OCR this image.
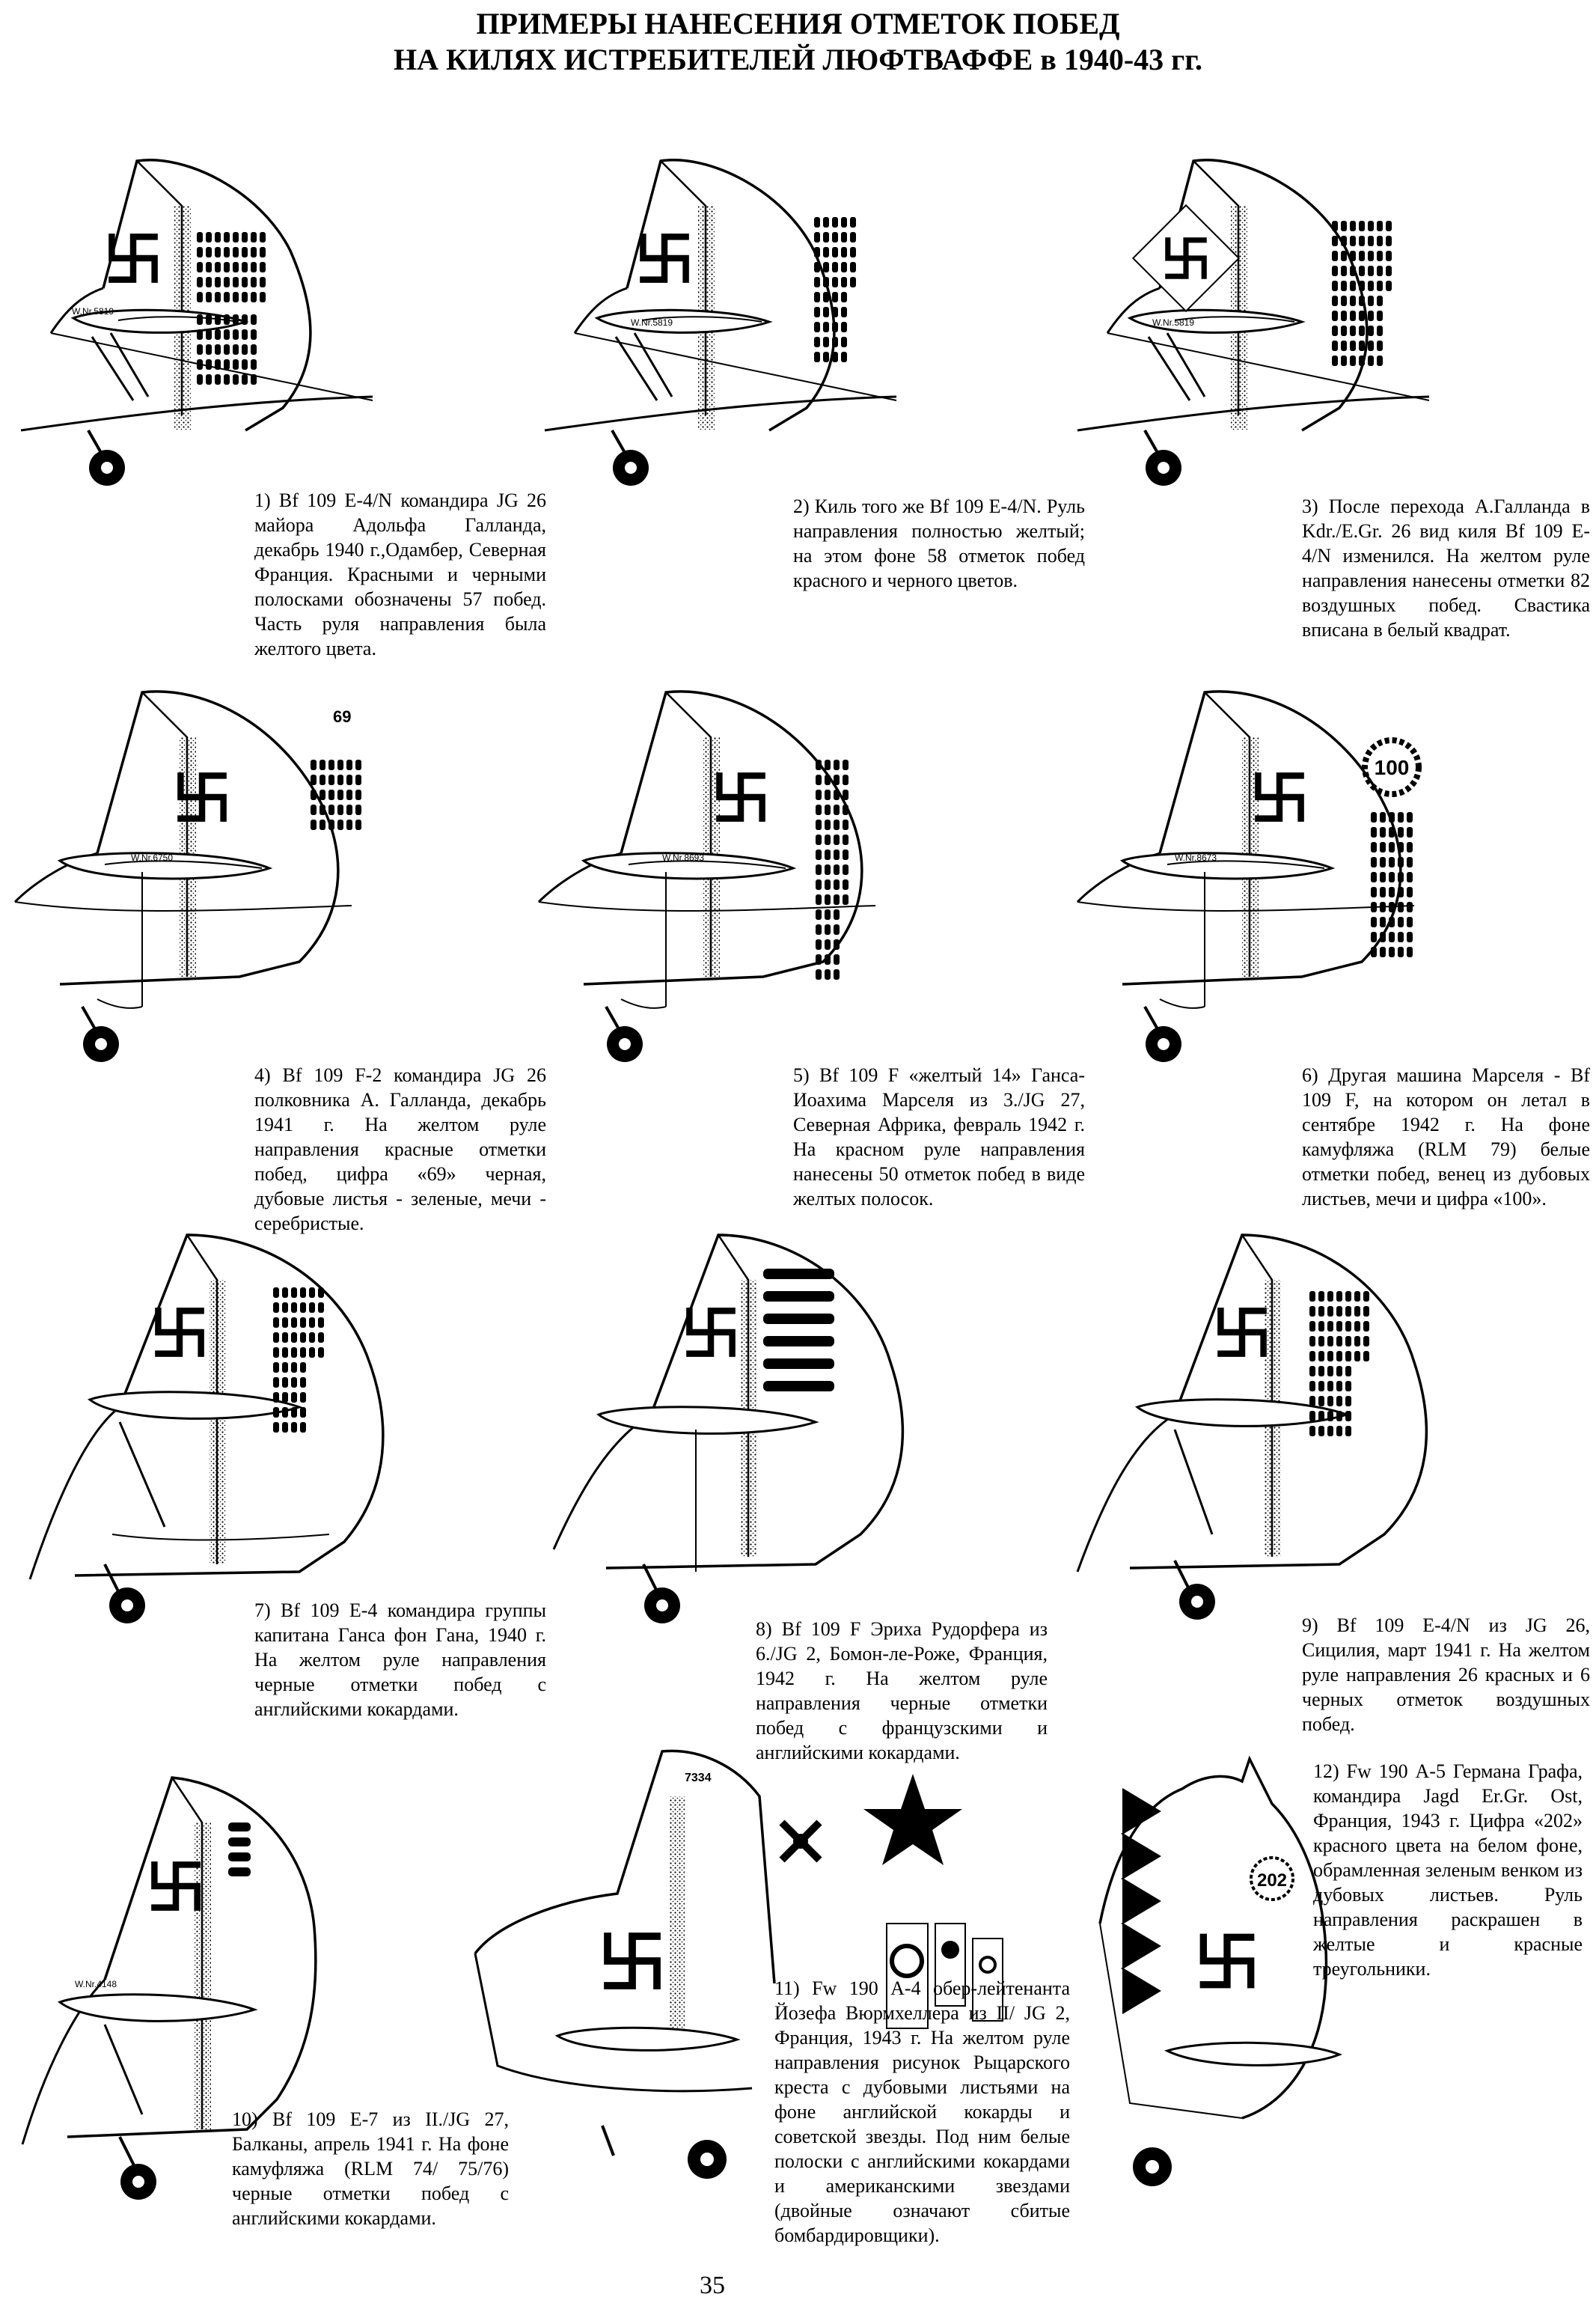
ПРИМЕРЫ НАНЕСЕНИЯ ОТМЕТОК ПОБЕД
НА КИЛЯХ ИСТРЕБИТЕЛЕЙ ЛЮФТВАФФЕ в 1940-43 гг.
W.Nr.5819
1) Bf 109 E-4/N командира JG 26 майора Адольфа Галланда, декабрь 1940 г.,Одамбер, Северная Франция. Красными и черными полосками обозначены 57 побед. Часть руля направления была желтого цвета.
W.Nr.5819
2) Киль того же Bf 109 E-4/N. Руль направления полностью желтый; на этом фоне 58 отметок побед красного и черного цветов.
W.Nr.5819
3) После перехода А.Галланда в Kdr./E.Gr. 26 вид киля Bf 109 E-4/N изменился. На желтом руле направления нанесены отметки 82 воздушных побед. Свастика вписана в белый квадрат.
69
W.Nr.6750
4) Bf 109 F-2 командира JG 26 полковника А. Галланда, декабрь 1941 г. На желтом руле направления красные отметки побед, цифра «69» черная, дубовые листья - зеленые, мечи - серебристые.
W.Nr.8693
5) Bf 109 F «желтый 14» Ганса-Иоахима Марселя из 3./JG 27, Северная Африка, февраль 1942 г. На красном руле направления нанесены 50 отметок побед в виде желтых полосок.
100
W.Nr.8673
6) Другая машина Марселя - Bf 109 F, на котором он летал в сентябре 1942 г. На фоне камуфляжа (RLM 79) белые отметки побед, венец из дубовых листьев, мечи и цифра «100».
7) Bf 109 E-4 командира группы капитана Ганса фон Гана, 1940 г. На желтом руле направления черные отметки побед с английскими кокардами.
8) Bf 109 F Эриха Рудорфера из 6./JG 2, Бомон-ле-Роже, Франция, 1942 г. На желтом руле направления черные отметки побед с французскими и английскими кокардами.
9) Bf 109 E-4/N из JG 26, Сицилия, март 1941 г. На желтом руле направления 26 красных и 6 черных отметок воздушных побед.
W.Nr.4148
10) Bf 109 E-7 из II./JG 27, Балканы, апрель 1941 г. На фоне камуфляжа (RLM 74/ 75/76) черные отметки побед с английскими кокардами.
7334
11) Fw 190 А-4 обер-лейтенанта Йозефа Вюрмхеллера из II/ JG 2, Франция, 1943 г. На желтом руле направления рисунок Рыцарского креста с дубовыми листьями на фоне английской кокарды и советской звезды. Под ним белые полоски с английскими кокардами и американскими звездами (двойные означают сбитые бомбардировщики).
202
12) Fw 190 А-5 Германа Графа, командира Jagd Er.Gr. Ost, Франция, 1943 г. Цифра «202» красного цвета на белом фоне, обрамленная зеленым венком из дубовых листьев. Руль направления раскрашен в желтые и красные треугольники.
35
